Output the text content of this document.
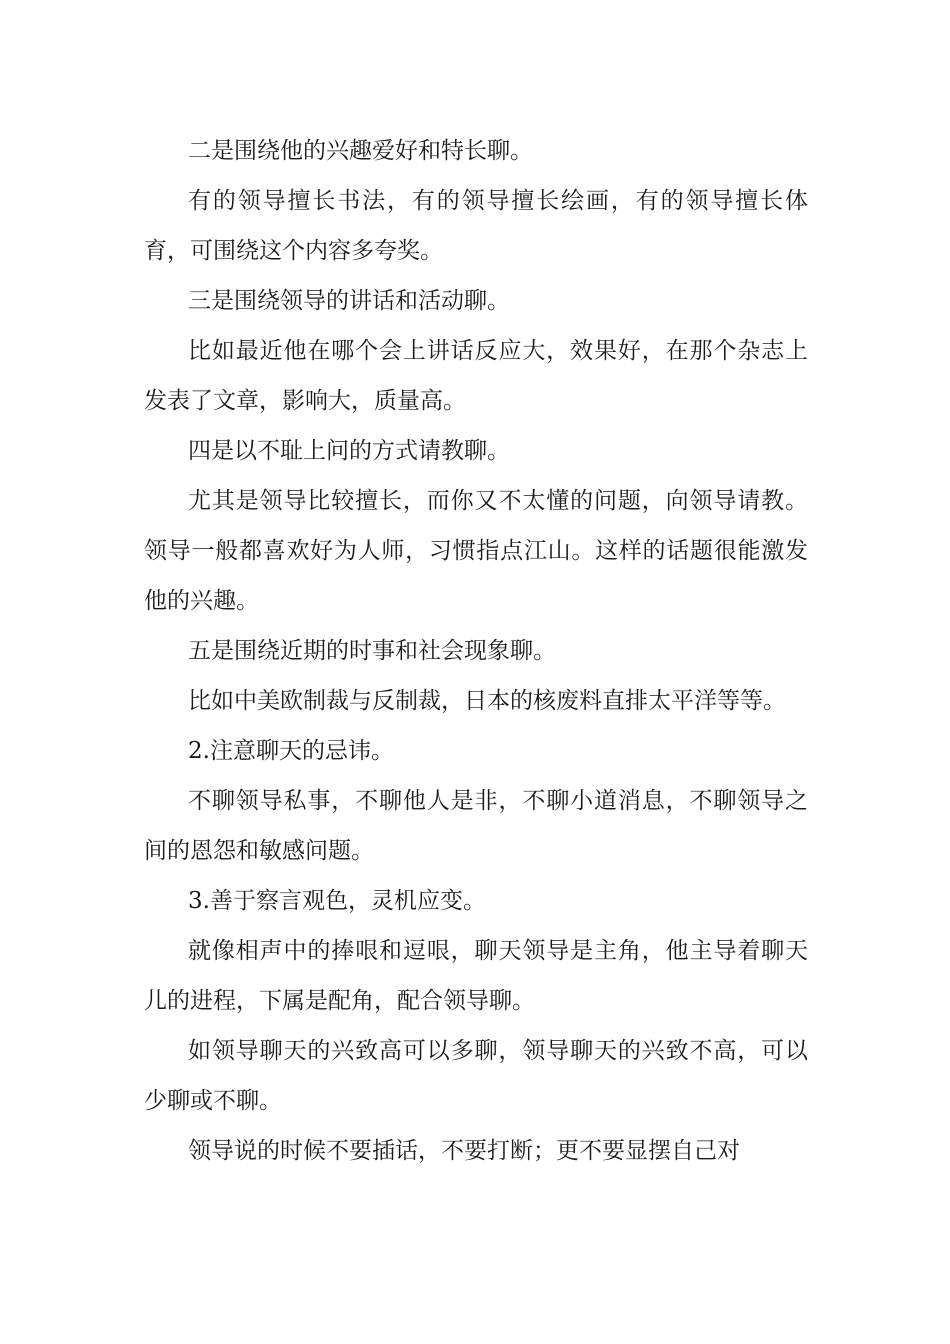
二是围绕他的兴趣爱好和特长聊。

有的领导擅长书法，有的领导擅长绘画，有的领导擅长体育，可围绕这个内容多夸奖。

三是围绕领导的讲话和活动聊。

比如最近他在哪个会上讲话反应大，效果好，在那个杂志上发表了文章，影响大，质量高。

四是以不耻上问的方式请教聊。

尤其是领导比较擅长，而你又不太懂的问题，向领导请教。领导一般都喜欢好为人师，习惯指点江山。这样的话题很能激发他的兴趣。

五是围绕近期的时事和社会现象聊。

比如中美欧制裁与反制裁，日本的核废料直排太平洋等等。

2.注意聊天的忌讳。

不聊领导私事，不聊他人是非，不聊小道消息，不聊领导之间的恩怨和敏感问题。

3.善于察言观色，灵机应变。

就像相声中的捧哏和逗哏，聊天领导是主角，他主导着聊天儿的进程，下属是配角，配合领导聊。

如领导聊天的兴致高可以多聊，领导聊天的兴致不高，可以少聊或不聊。

领导说的时候不要插话，不要打断；更不要显摆自己对
